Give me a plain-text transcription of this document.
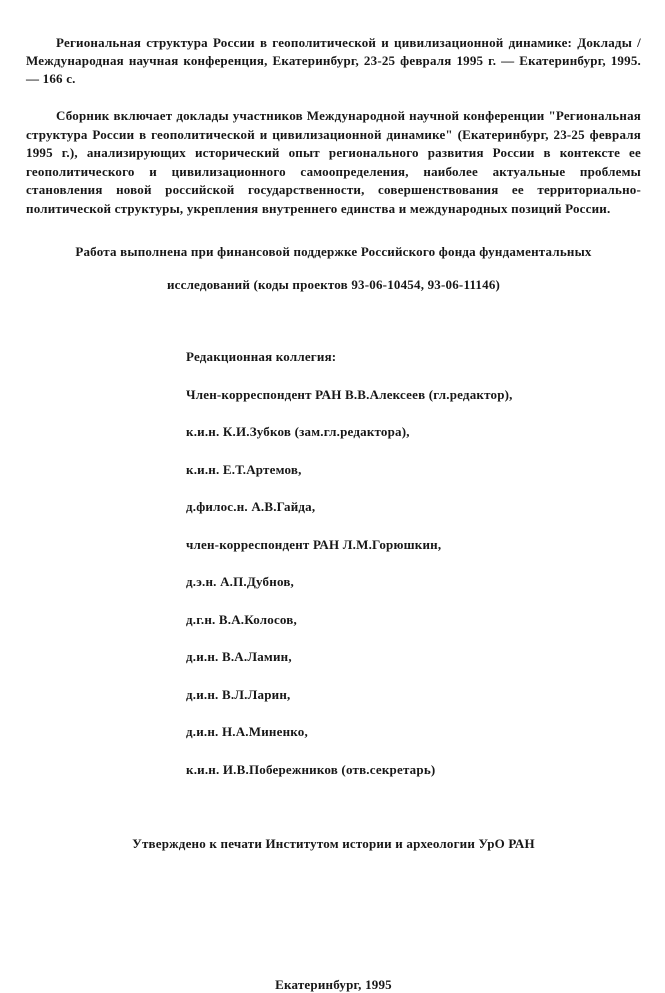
Региональная структура России в геополитической и цивилизационной динамике: Доклады / Международная научная конференция, Екатеринбург, 23-25 февраля 1995 г. — Екатеринбург, 1995. — 166 с.

Сборник включает доклады участников Международной научной конференции "Региональная структура России в геополитической и цивилизационной динамике" (Екатеринбург, 23-25 февраля 1995 г.), анализирующих исторический опыт регионального развития России в контексте ее геополитического и цивилизационного самоопределения, наиболее актуальные проблемы становления новой российской государственности, совершенствования ее территориально-политической структуры, укрепления внутреннего единства и международных позиций России.

Работа выполнена при финансовой поддержке Российского фонда фундаментальных
исследований (коды проектов 93-06-10454, 93-06-11146)

Редакционная коллегия:

Член-корреспондент РАН В.В.Алексеев (гл.редактор),
к.и.н. К.И.Зубков (зам.гл.редактора),
к.и.н. Е.Т.Артемов,
д.филос.н. А.В.Гайда,
член-корреспондент РАН Л.М.Горюшкин,
д.э.н. А.П.Дубнов,
д.г.н. В.А.Колосов,
д.и.н. В.А.Ламин,
д.и.н. В.Л.Ларин,
д.и.н. Н.А.Миненко,
к.и.н. И.В.Побережников (отв.секретарь)
Утверждено к печати Институтом истории и археологии УрО РАН
Екатеринбург, 1995
